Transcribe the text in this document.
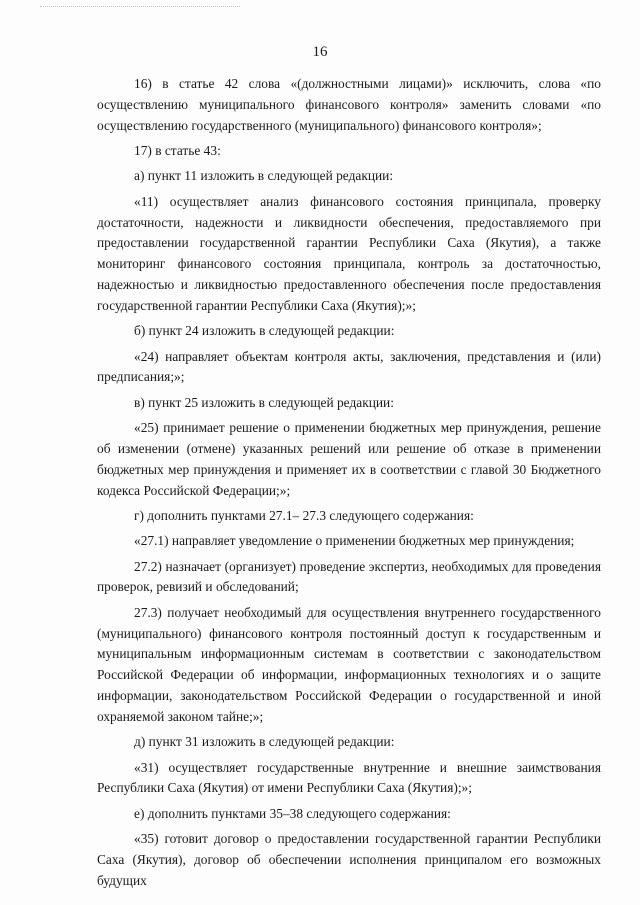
16

16) в статье 42 слова «(должностными лицами)» исключить, слова «по осуществлению муниципального финансового контроля» заменить словами «по осуществлению государственного (муниципального) финансового контроля»;

17) в статье 43:

а) пункт 11 изложить в следующей редакции:

«11) осуществляет анализ финансового состояния принципала, проверку достаточности, надежности и ликвидности обеспечения, предоставляемого при предоставлении государственной гарантии Республики Саха (Якутия), а также мониторинг финансового состояния принципала, контроль за достаточностью, надежностью и ликвидностью предоставленного обеспечения после предоставления государственной гарантии Республики Саха (Якутия);»;

б) пункт 24 изложить в следующей редакции:

«24) направляет объектам контроля акты, заключения, представления и (или) предписания;»;

в) пункт 25 изложить в следующей редакции:

«25) принимает решение о применении бюджетных мер принуждения, решение об изменении (отмене) указанных решений или решение об отказе в применении бюджетных мер принуждения и применяет их в соответствии с главой 30 Бюджетного кодекса Российской Федерации;»;

г) дополнить пунктами 27.1– 27.3 следующего содержания:

«27.1) направляет уведомление о применении бюджетных мер принуждения;

27.2) назначает (организует) проведение экспертиз, необходимых для проведения проверок, ревизий и обследований;

27.3) получает необходимый для осуществления внутреннего государственного (муниципального) финансового контроля постоянный доступ к государственным и муниципальным информационным системам в соответствии с законодательством Российской Федерации об информации, информационных технологиях и о защите информации, законодательством Российской Федерации о государственной и иной охраняемой законом тайне;»;

д) пункт 31 изложить в следующей редакции:

«31) осуществляет государственные внутренние и внешние заимствования Республики Саха (Якутия) от имени Республики Саха (Якутия);»;

е) дополнить пунктами 35–38 следующего содержания:

«35) готовит договор о предоставлении государственной гарантии Республики Саха (Якутия), договор об обеспечении исполнения принципалом его возможных будущих
